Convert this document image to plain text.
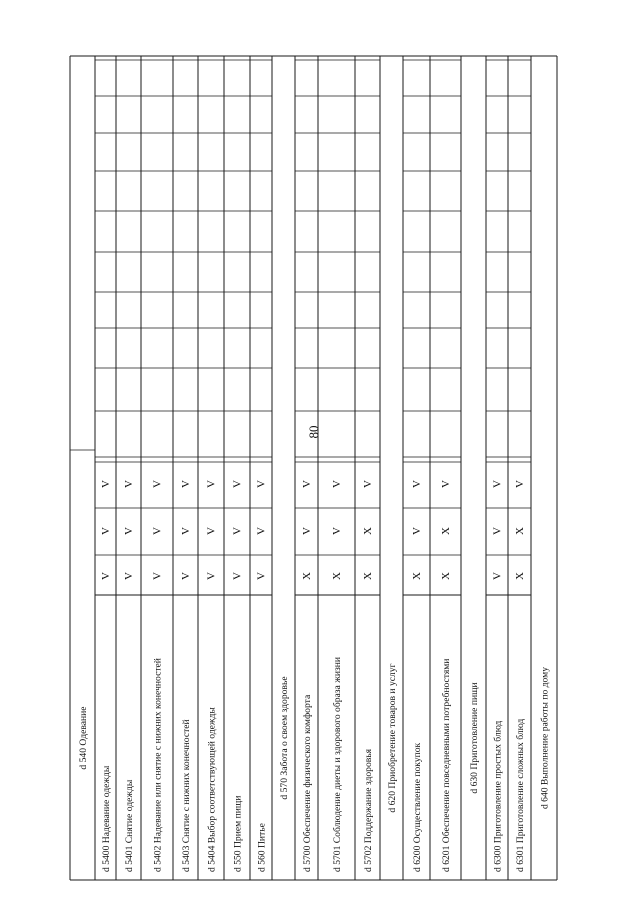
80
d 540 Одевание
d 5400 Надевание одежды
V
V
V
d 5401 Снятие одежды
V
V
V
d 5402 Надевание или снятие с нижних конечностей
V
V
V
d 5403 Снятие с нижних конечностей
V
V
V
d 5404 Выбор соответствующей одежды
V
V
V
d 550 Прием пищи
V
V
V
d 560 Питье
V
V
V
d 570 Забота о своем здоровье d 5700 Обеспечение физического комфорта
X
V
V
d 5701 Соблюдение диеты и здорового образа жизни
X
V
V
d 5702 Поддержание здоровья
X
X
V
d 620 Приобретение товаров и услуг d 6200 Осуществление покупок
X
V
V
d 6201 Обеспечение повседневными потребностями
X
X
V
d 630 Приготовление пищи d 6300 Приготовление простых блюд
V
V
V
d 6301 Приготовление сложных блюд
X
X
V
d 640 Выполнение работы по дому
